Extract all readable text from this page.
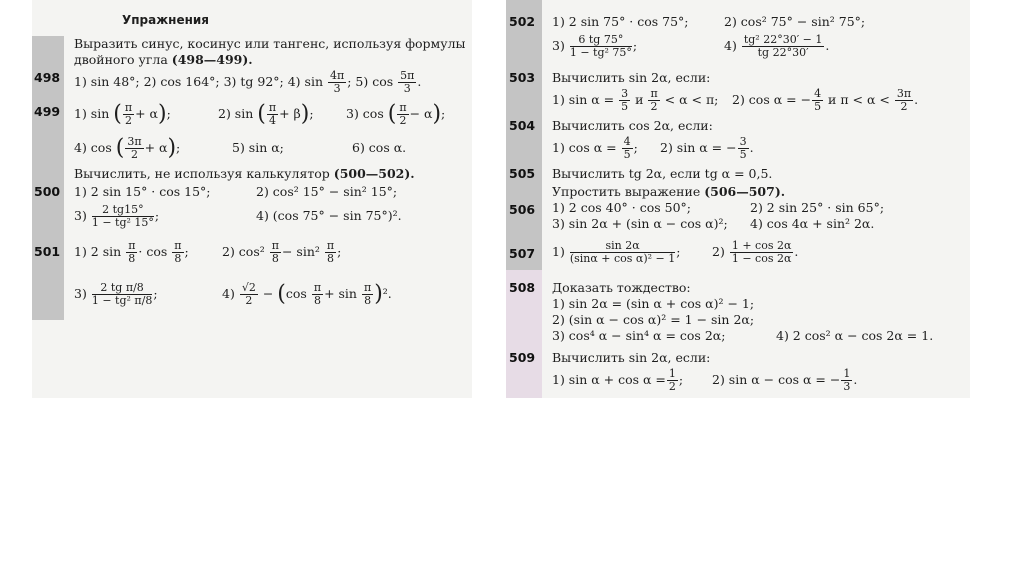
Упражнения
Выразить синус, косинус или тангенс, используя формулы
двойного угла (498—499).
498 1) sin 48°; 2) cos 164°; 3) tg 92°; 4) $\sin \frac{4\pi}{3}$ ; 5) $\cos \frac{5\pi}{3}$ .
499 1) sin ( $\frac{\pi}{2} + \alpha$);	2) sin ( $\frac{\pi}{4} + \beta$);	3) cos ( $\frac{\pi}{2} - \alpha$);
4) cos ( $\frac{3\pi}{2} + \alpha$);	5) sin α;	6) cos α.
Вычислить, не используя калькулятор (500—502).
500 1) 2 sin 15° · cos 15°;	2) cos² 15° − sin² 15°;
$3) \frac{2 tg15^\circ}{\text{1 − tg² 15°}}$ ;	4) (cos 75° − sin 75°)².
501 1) 2 $\sin \frac{\pi}{8} \cdot \cos \frac{\pi}{8}$ ;	2) $\cos^2 \frac{\pi}{8} - \sin^2 \frac{\pi}{8}$ ;
$3) \frac{\text{2 tg π/8}}{\text{1 − tg² π/8}}$ ;	$4) \frac{√2}{2} - (\cos \frac{\pi}{8} + \sin \frac{\pi}{8} )^2$.
502 1) 2 sin 75° · cos 75°;	2) cos² 75° − sin² 75°;
$3) \frac{6 tg 75^\circ}{\text{1 − tg² 75°}}$ ;	$4) \frac{\text{tg² 22°30′ − 1}}{tg 22^\circ 30'}$ .
503 Вычислить sin 2α, если:
1) $\sin \alpha = \frac{3}{5}$ и $\frac{\pi}{2} < \alpha < \pi$; 2) cos α = − $\frac{4}{5}$ и $\pi < \alpha < \frac{3\pi}{2}$ .
504 Вычислить cos 2α, если:
1) $\cos \alpha = \frac{4}{5}$ ; 2) sin α = − $\frac{3}{5}$ .
505 Вычислить tg 2α, если tg α = 0,5.
Упростить выражение (506—507).
506 1) 2 cos 40° · cos 50°;	2) 2 sin 25° · sin 65°;
3) sin 2α + (sin α − cos α)²; 4) cos 4α + sin² 2α.
507 $1) \frac{\sin 2\alpha}{\text{(sinα + cos α)² − 1}}$ ;	$2) \frac{1 + \cos 2\alpha}{1 - \cos 2\alpha}$ .
508 Доказать тождество:
1) sin 2α = (sin α + cos α)² − 1;
2) (sin α − cos α)² = 1 − sin 2α;
3) cos⁴ α − sin⁴ α = cos 2α;	4) 2 cos² α − cos 2α = 1.
509 Вычислить sin 2α, если:
1) $\sin \alpha + \cos \alpha = \frac{1}{2}$ ; 2) sin α − cos α = − $\frac{1}{3}$ .
